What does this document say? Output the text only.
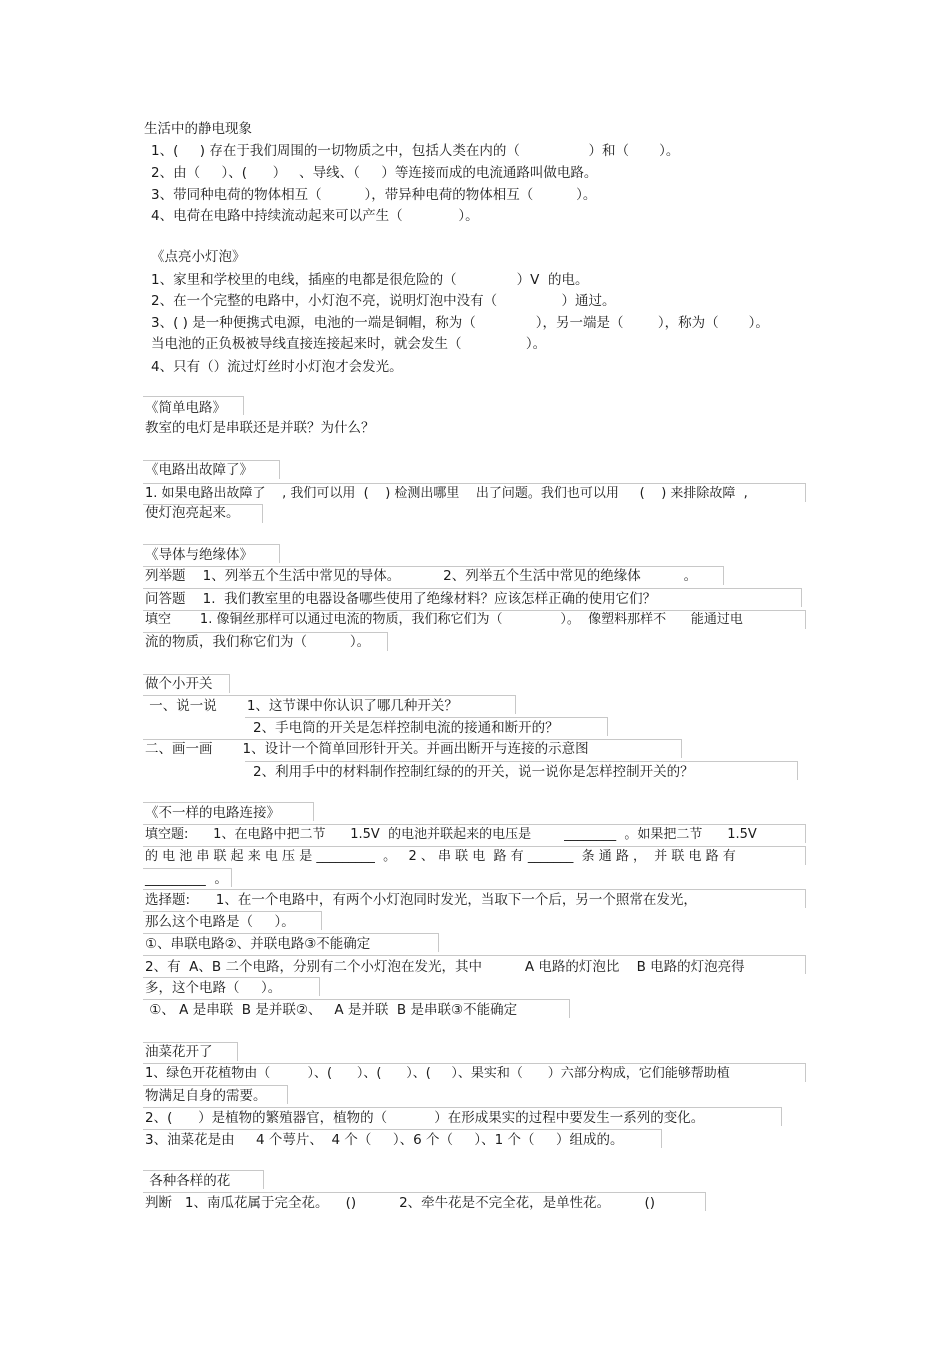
生活中的静电现象
1、(     ) 存在于我们周围的一切物质之中，包括人类在内的（                ）和（       ）。
2、由（     ）、(      ）   、导线、（     ）等连接而成的电流通路叫做电路。
3、带同种电荷的物体相互（          ），带异种电荷的物体相互（          ）。
4、电荷在电路中持续流动起来可以产生（             ）。
《点亮小灯泡》
1、家里和学校里的电线，插座的电都是很危险的（              ）V  的电。
2、在一个完整的电路中，小灯泡不亮，说明灯泡中没有（               ）通过。
3、( ) 是一种便携式电源，电池的一端是铜帽，称为（              ），另一端是（        ），称为（       ）。
当电池的正负极被导线直接连接起来时，就会发生（               ）。
4、只有（）流过灯丝时小灯泡才会发光。
《简单电路》
教室的电灯是串联还是并联？为什么？
《电路出故障了》
1. 如果电路出故障了    , 我们可以用  (    ) 检测出哪里    出了问题。我们也可以用     (    ) 来排除故障  ,
使灯泡亮起来。
《导体与绝缘体》
列举题    1、列举五个生活中常见的导体。          2、列举五个生活中常见的绝缘体          。
问答题    1.  我们教室里的电器设备哪些使用了绝缘材料？应该怎样正确的使用它们？
填空       1. 像铜丝那样可以通过电流的物质，我们称它们为（              ）。  像塑料那样不      能通过电
流的物质，我们称它们为（          ）。
做个小开关
一、说一说       1、这节课中你认识了哪几种开关？
2、手电筒的开关是怎样控制电流的接通和断开的？
二、画一画       1、设计一个简单回形针开关。并画出断开与连接的示意图
2、利用手中的材料制作控制红绿的的开关，说一说你是怎样控制开关的？
《不一样的电路连接》
填空题:      1、在电路中把二节      1.5V  的电池并联起来的电压是        ________  。如果把二节      1.5V
的 电 池 串 联 起 来 电 压 是 _________  。   2 、 串 联 电  路 有 _______  条 通 路 ，  并 联 电 路 有
_________  。
选择题:      1、在一个电路中，有两个小灯泡同时发光，当取下一个后，另一个照常在发光，
那么这个电路是（     ）。
①、串联电路②、并联电路③不能确定
2、有  A、B 二个电路，分别有二个小灯泡在发光，其中          A 电路的灯泡比    B 电路的灯泡亮得
多，这个电路（     ）。
①、 A 是串联  B 是并联②、   A 是并联  B 是串联③不能确定
油菜花开了
1、绿色开花植物由（         ）、(      ）、(      ）、(     ）、果实和（      ）六部分构成，它们能够帮助植
物满足自身的需要。
2、(      ）是植物的繁殖器官，植物的（           ）在形成果实的过程中要发生一系列的变化。
3、油菜花是由     4 个萼片、  4 个（     ）、6 个（     ）、1 个（     ）组成的。
各种各样的花
判断   1、南瓜花属于完全花。    ()          2、牵牛花是不完全花，是单性花。        ()
